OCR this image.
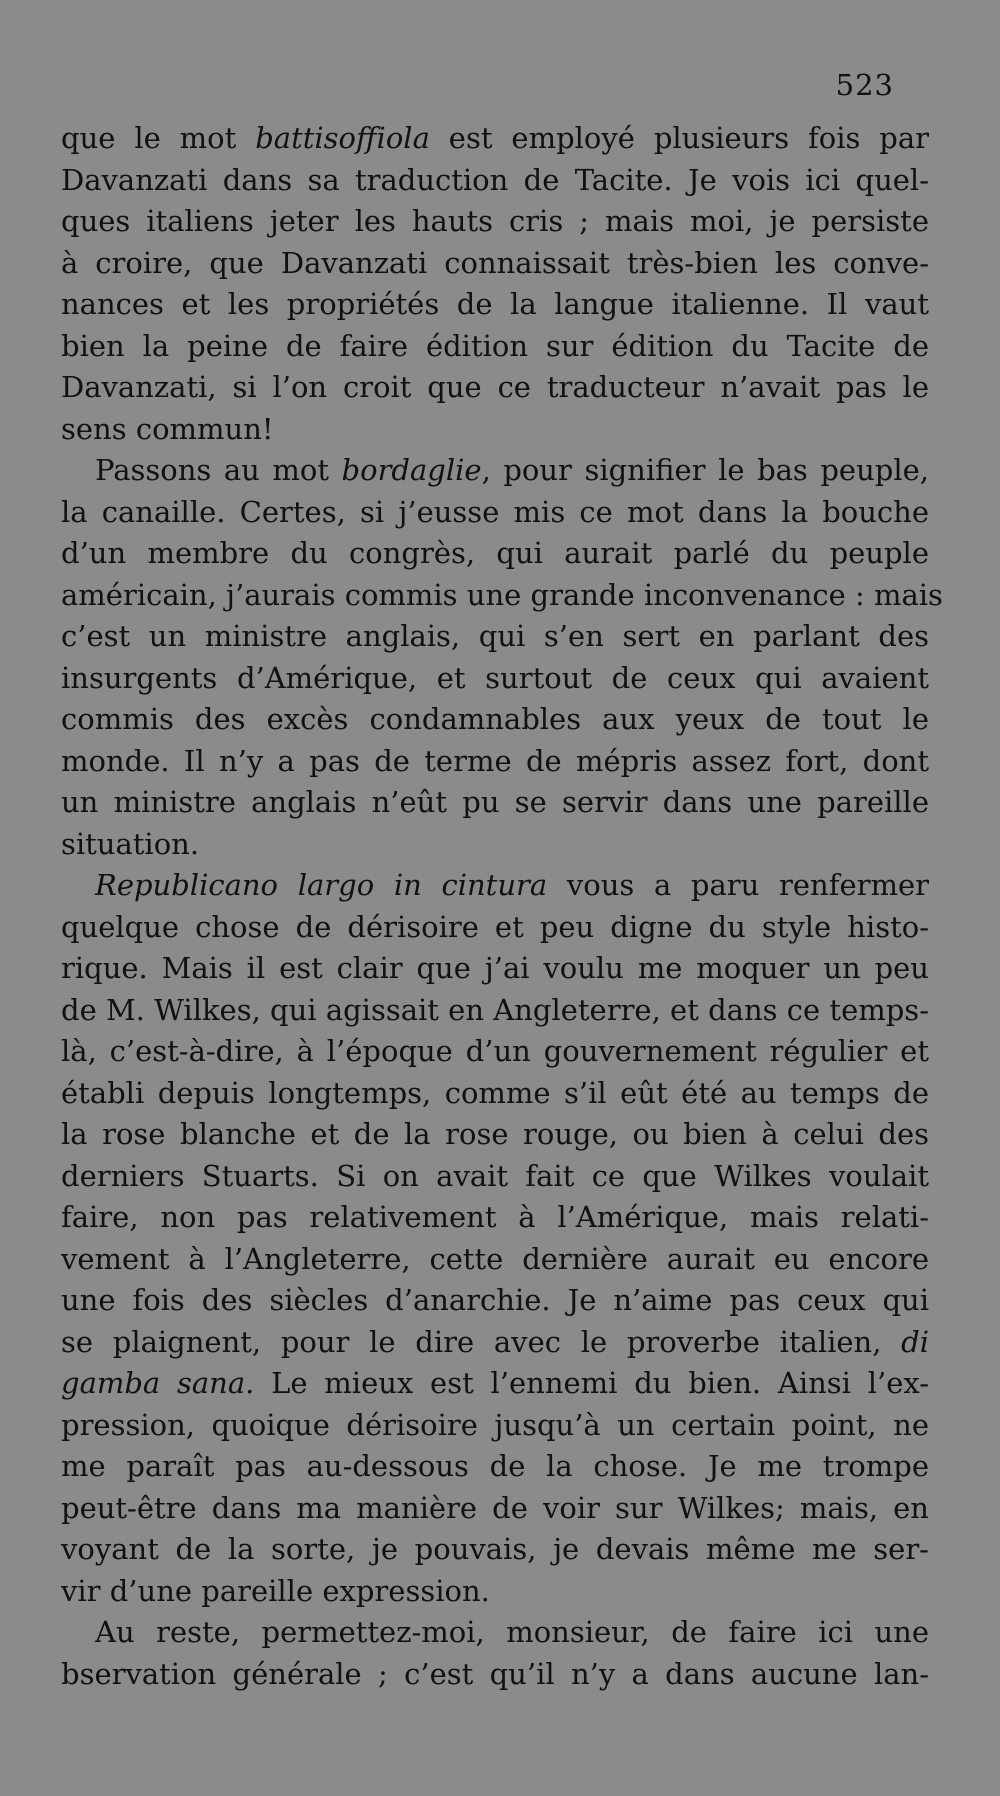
523
que le mot battisoffiola est employé plusieurs fois par
Davanzati dans sa traduction de Tacite. Je vois ici quel-
ques italiens jeter les hauts cris ; mais moi, je persiste
à croire, que Davanzati connaissait très-bien les conve-
nances et les propriétés de la langue italienne. Il vaut
bien la peine de faire édition sur édition du Tacite de
Davanzati, si l’on croit que ce traducteur n’avait pas le
sens commun!
Passons au mot bordaglie, pour signifier le bas peuple,
la canaille. Certes, si j’eusse mis ce mot dans la bouche
d’un membre du congrès, qui aurait parlé du peuple
américain, j’aurais commis une grande inconvenance : mais
c’est un ministre anglais, qui s’en sert en parlant des
insurgents d’Amérique, et surtout de ceux qui avaient
commis des excès condamnables aux yeux de tout le
monde. Il n’y a pas de terme de mépris assez fort, dont
un ministre anglais n’eût pu se servir dans une pareille
situation.
Republicano largo in cintura vous a paru renfermer
quelque chose de dérisoire et peu digne du style histo-
rique. Mais il est clair que j’ai voulu me moquer un peu
de M. Wilkes, qui agissait en Angleterre, et dans ce temps-
là, c’est-à-dire, à l’époque d’un gouvernement régulier et
établi depuis longtemps, comme s’il eût été au temps de
la rose blanche et de la rose rouge, ou bien à celui des
derniers Stuarts. Si on avait fait ce que Wilkes voulait
faire, non pas relativement à l’Amérique, mais relati-
vement à l’Angleterre, cette dernière aurait eu encore
une fois des siècles d’anarchie. Je n’aime pas ceux qui
se plaignent, pour le dire avec le proverbe italien, di
gamba sana. Le mieux est l’ennemi du bien. Ainsi l’ex-
pression, quoique dérisoire jusqu’à un certain point, ne
me paraît pas au-dessous de la chose. Je me trompe
peut-être dans ma manière de voir sur Wilkes; mais, en
voyant de la sorte, je pouvais, je devais même me ser-
vir d’une pareille expression.
Au reste, permettez-moi, monsieur, de faire ici une
bservation générale ; c’est qu’il n’y a dans aucune lan-
